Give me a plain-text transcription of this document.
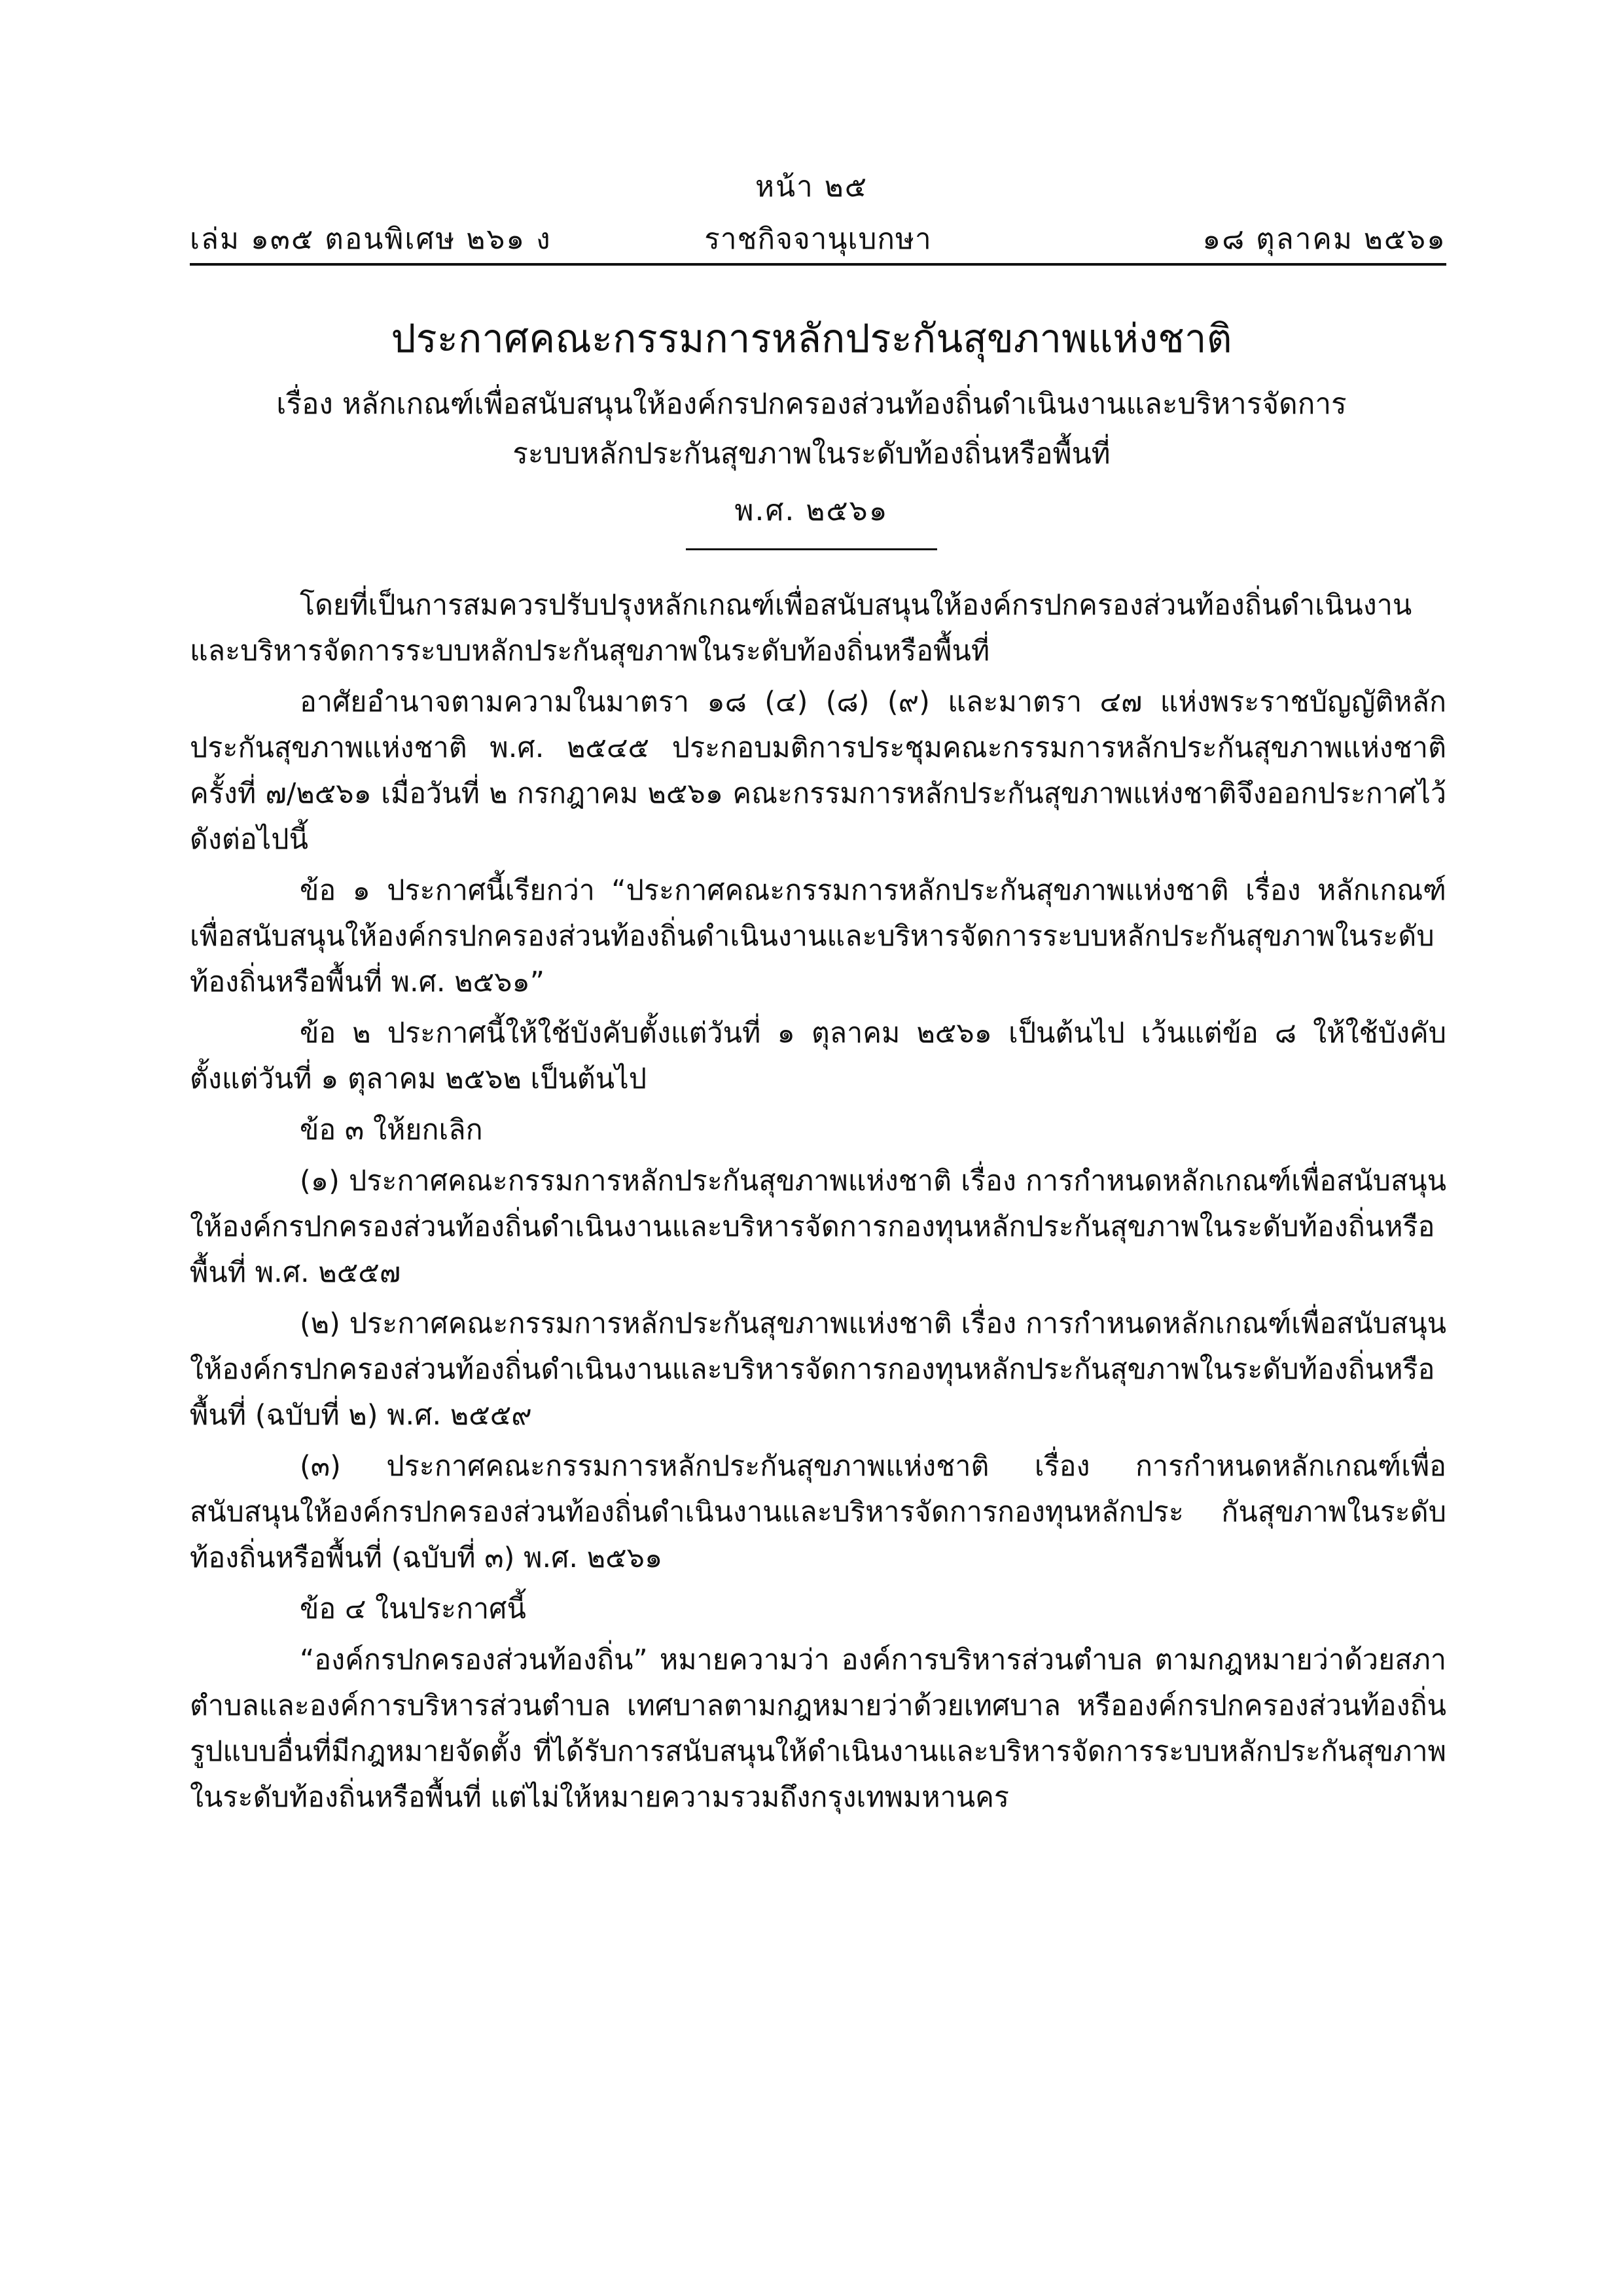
หน้า ๒๕
ราชกิจจานุเบกษา
เล่ม ๑๓๕ ตอนพิเศษ ๒๖๑ ง	๑๘ ตุลาคม ๒๕๖๑
ประกาศคณะกรรมการหลักประกันสุขภาพแห่งชาติ
เรื่อง หลักเกณฑ์เพื่อสนับสนุนให้องค์กรปกครองส่วนท้องถิ่นดำเนินงานและบริหารจัดการ
ระบบหลักประกันสุขภาพในระดับท้องถิ่นหรือพื้นที่
พ.ศ. ๒๕๖๑

โดยที่เป็นการสมควรปรับปรุงหลักเกณฑ์เพื่อสนับสนุนให้องค์กรปกครองส่วนท้องถิ่นดำเนินงานและบริหารจัดการระบบหลักประกันสุขภาพในระดับท้องถิ่นหรือพื้นที่

อาศัยอำนาจตามความในมาตรา ๑๘ (๔) (๘) (๙) และมาตรา ๔๗ แห่งพระราชบัญญัติหลักประกันสุขภาพแห่งชาติ พ.ศ. ๒๕๔๕ ประกอบมติการประชุมคณะกรรมการหลักประกันสุขภาพแห่งชาติ ครั้งที่ ๗/๒๕๖๑ เมื่อวันที่ ๒ กรกฎาคม ๒๕๖๑ คณะกรรมการหลักประกันสุขภาพแห่งชาติจึงออกประกาศไว้ ดังต่อไปนี้

ข้อ ๑ ประกาศนี้เรียกว่า “ประกาศคณะกรรมการหลักประกันสุขภาพแห่งชาติ เรื่อง หลักเกณฑ์เพื่อสนับสนุนให้องค์กรปกครองส่วนท้องถิ่นดำเนินงานและบริหารจัดการระบบหลักประกันสุขภาพในระดับท้องถิ่นหรือพื้นที่ พ.ศ. ๒๕๖๑”

ข้อ ๒ ประกาศนี้ให้ใช้บังคับตั้งแต่วันที่ ๑ ตุลาคม ๒๕๖๑ เป็นต้นไป เว้นแต่ข้อ ๘ ให้ใช้บังคับตั้งแต่วันที่ ๑ ตุลาคม ๒๕๖๒ เป็นต้นไป

ข้อ ๓ ให้ยกเลิก

(๑) ประกาศคณะกรรมการหลักประกันสุขภาพแห่งชาติ เรื่อง การกำหนดหลักเกณฑ์เพื่อสนับสนุนให้องค์กรปกครองส่วนท้องถิ่นดำเนินงานและบริหารจัดการกองทุนหลักประกันสุขภาพในระดับท้องถิ่นหรือพื้นที่ พ.ศ. ๒๕๕๗

(๒) ประกาศคณะกรรมการหลักประกันสุขภาพแห่งชาติ เรื่อง การกำหนดหลักเกณฑ์เพื่อสนับสนุนให้องค์กรปกครองส่วนท้องถิ่นดำเนินงานและบริหารจัดการกองทุนหลักประกันสุขภาพในระดับท้องถิ่นหรือพื้นที่ (ฉบับที่ ๒) พ.ศ. ๒๕๕๙

(๓) ประกาศคณะกรรมการหลักประกันสุขภาพแห่งชาติ เรื่อง การกำหนดหลักเกณฑ์เพื่อสนับสนุนให้องค์กรปกครองส่วนท้องถิ่นดำเนินงานและบริหารจัดการกองทุนหลักประ กันสุขภาพในระดับท้องถิ่นหรือพื้นที่ (ฉบับที่ ๓) พ.ศ. ๒๕๖๑

ข้อ ๔ ในประกาศนี้

“องค์กรปกครองส่วนท้องถิ่น” หมายความว่า องค์การบริหารส่วนตำบล ตามกฎหมายว่าด้วยสภาตำบลและองค์การบริหารส่วนตำบล เทศบาลตามกฎหมายว่าด้วยเทศบาล หรือองค์กรปกครองส่วนท้องถิ่นรูปแบบอื่นที่มีกฎหมายจัดตั้ง ที่ได้รับการสนับสนุนให้ดำเนินงานและบริหารจัดการระบบหลักประกันสุขภาพในระดับท้องถิ่นหรือพื้นที่ แต่ไม่ให้หมายความรวมถึงกรุงเทพมหานคร
